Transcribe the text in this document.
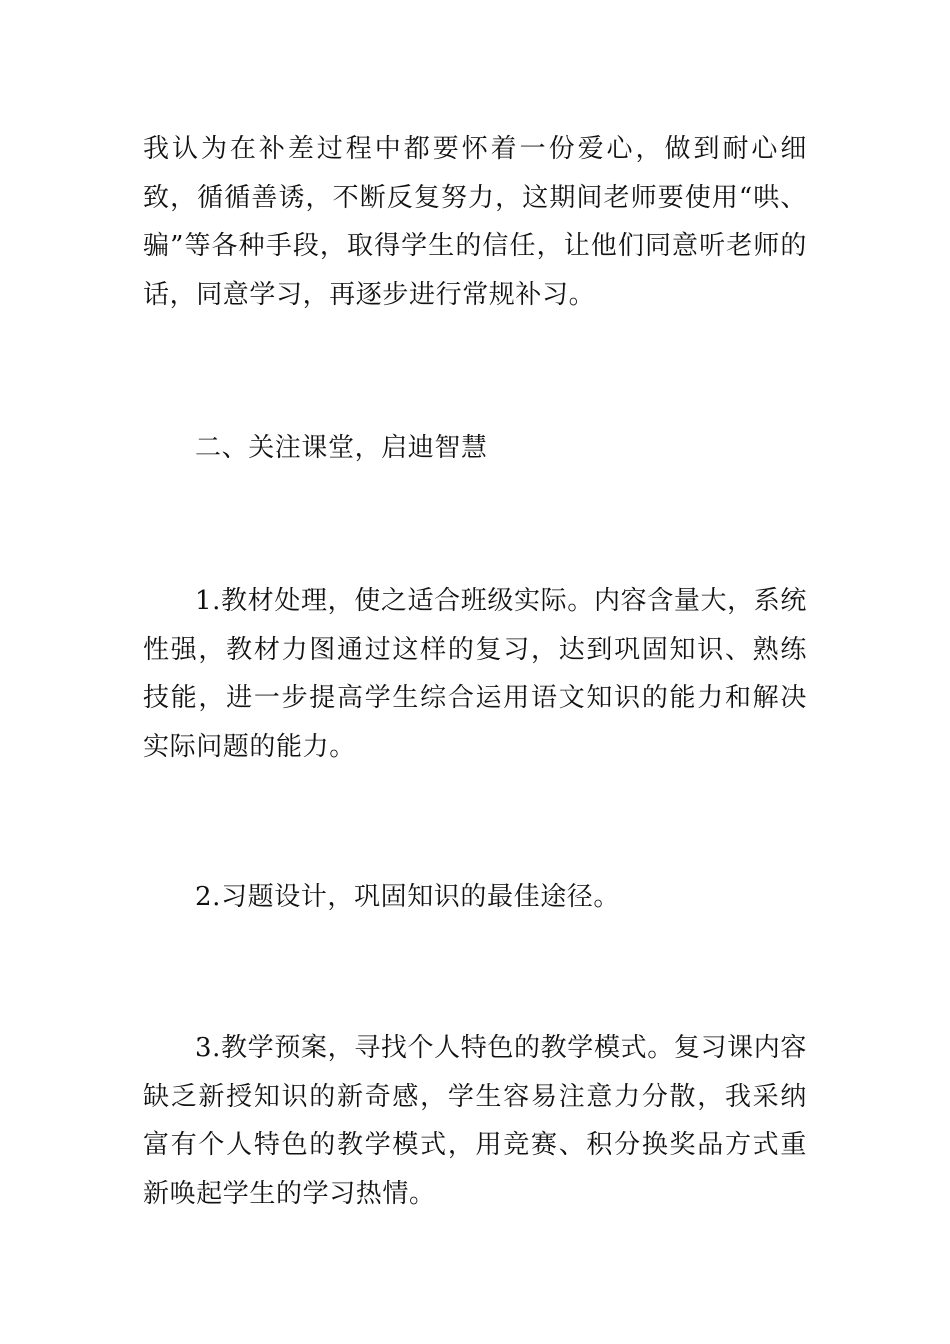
我认为在补差过程中都要怀着一份爱心，做到耐心细致，循循善诱，不断反复努力，这期间老师要使用“哄、骗”等各种手段，取得学生的信任，让他们同意听老师的话，同意学习，再逐步进行常规补习。

二、关注课堂，启迪智慧

1.教材处理，使之适合班级实际。内容含量大，系统性强，教材力图通过这样的复习，达到巩固知识、熟练技能，进一步提高学生综合运用语文知识的能力和解决实际问题的能力。

2.习题设计，巩固知识的最佳途径。

3.教学预案，寻找个人特色的教学模式。复习课内容缺乏新授知识的新奇感，学生容易注意力分散，我采纳富有个人特色的教学模式，用竞赛、积分换奖品方式重新唤起学生的学习热情。
